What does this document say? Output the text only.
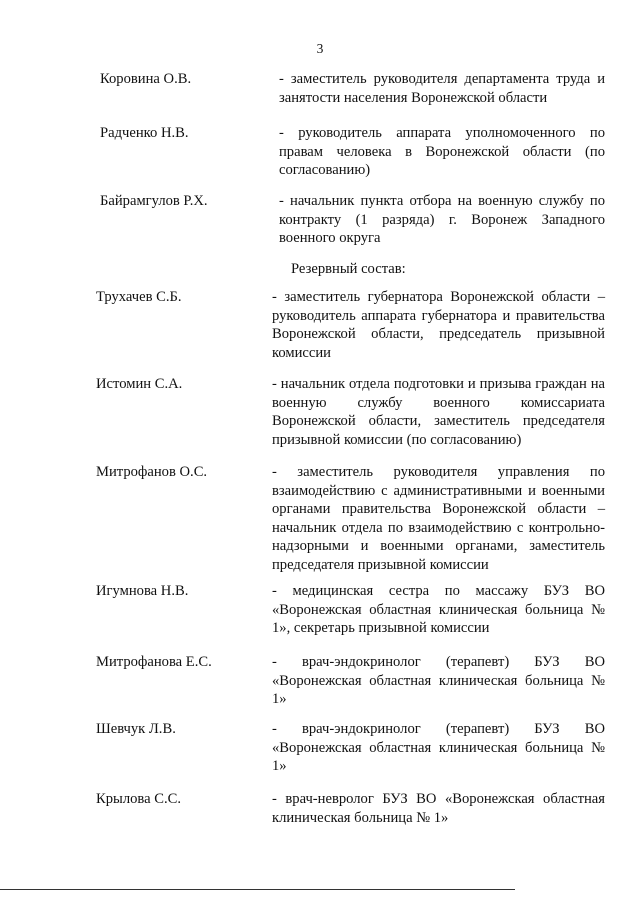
3
Коровина О.В.	- заместитель руководителя департамента труда и занятости населения Воронежской области
Радченко Н.В.	- руководитель аппарата уполномоченного по правам человека в Воронежской области (по согласованию)
Байрамгулов Р.Х.	- начальник пункта отбора на военную службу по контракту (1 разряда) г. Воронеж Западного военного округа
Резервный состав:
Трухачев С.Б.	- заместитель губернатора Воронежской области – руководитель аппарата губернатора и правительства Воронежской области, председатель призывной комиссии
Истомин С.А.	- начальник отдела подготовки и призыва граждан на военную службу военного комиссариата Воронежской области, заместитель председателя призывной комиссии (по согласованию)
Митрофанов О.С.	- заместитель руководителя управления по взаимодействию с административными и военными органами правительства Воронежской области – начальник отдела по взаимодействию с контрольно-надзорными и военными органами, заместитель председателя призывной комиссии
Игумнова Н.В.	- медицинская сестра по массажу БУЗ ВО «Воронежская областная клиническая больница № 1», секретарь призывной комиссии
Митрофанова Е.С.	- врач-эндокринолог (терапевт) БУЗ ВО «Воронежская областная клиническая больница № 1»
Шевчук Л.В.	- врач-эндокринолог (терапевт) БУЗ ВО «Воронежская областная клиническая больница № 1»
Крылова С.С.	- врач-невролог БУЗ ВО «Воронежская областная клиническая больница № 1»
